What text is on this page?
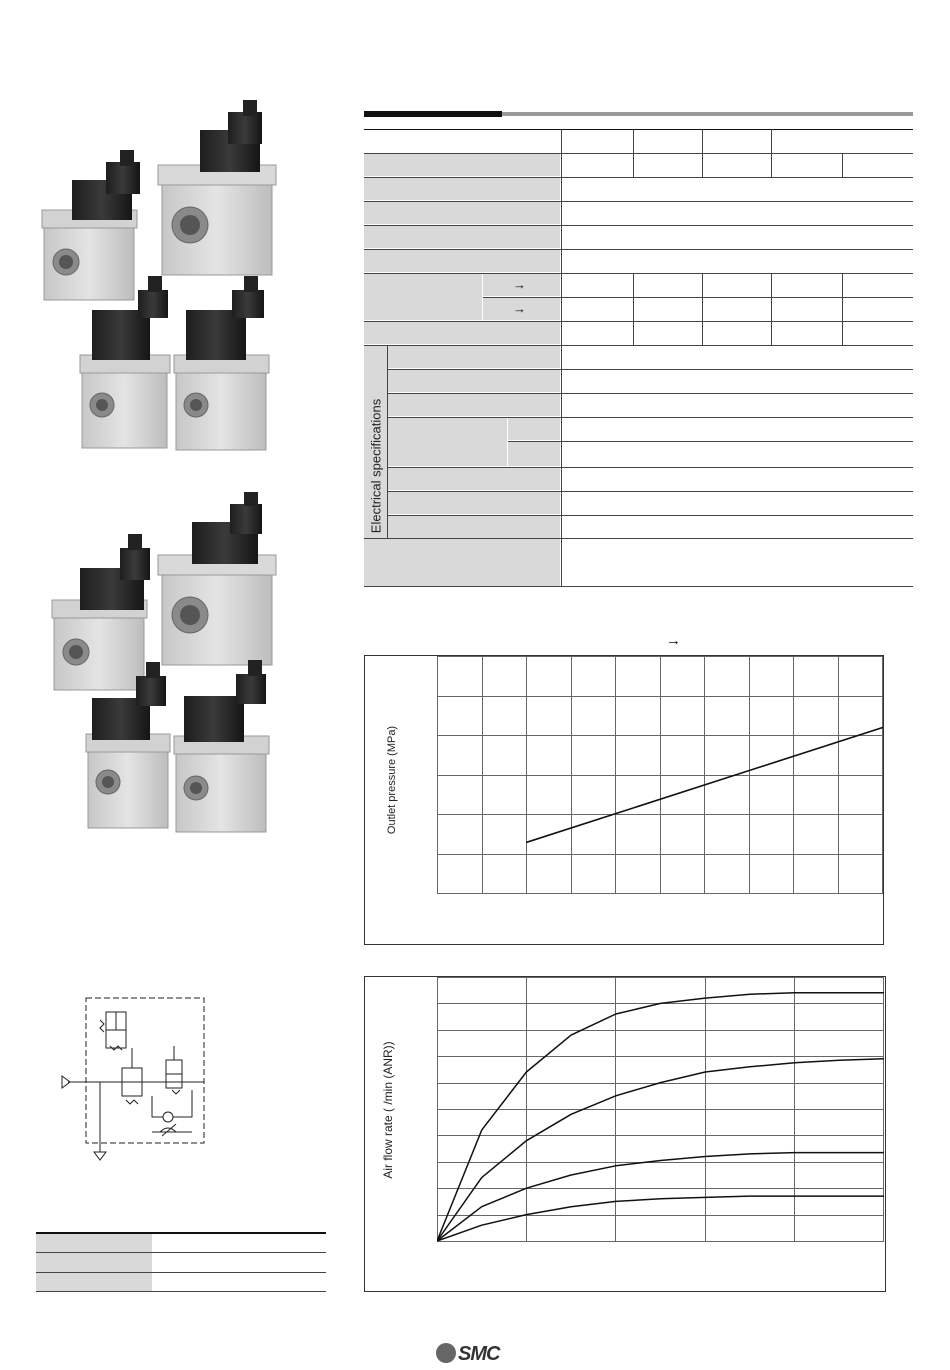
Electrical specifications
→
→
→
Outlet pressure (MPa)
Air flow rate ( /min (ANR))
SMC
